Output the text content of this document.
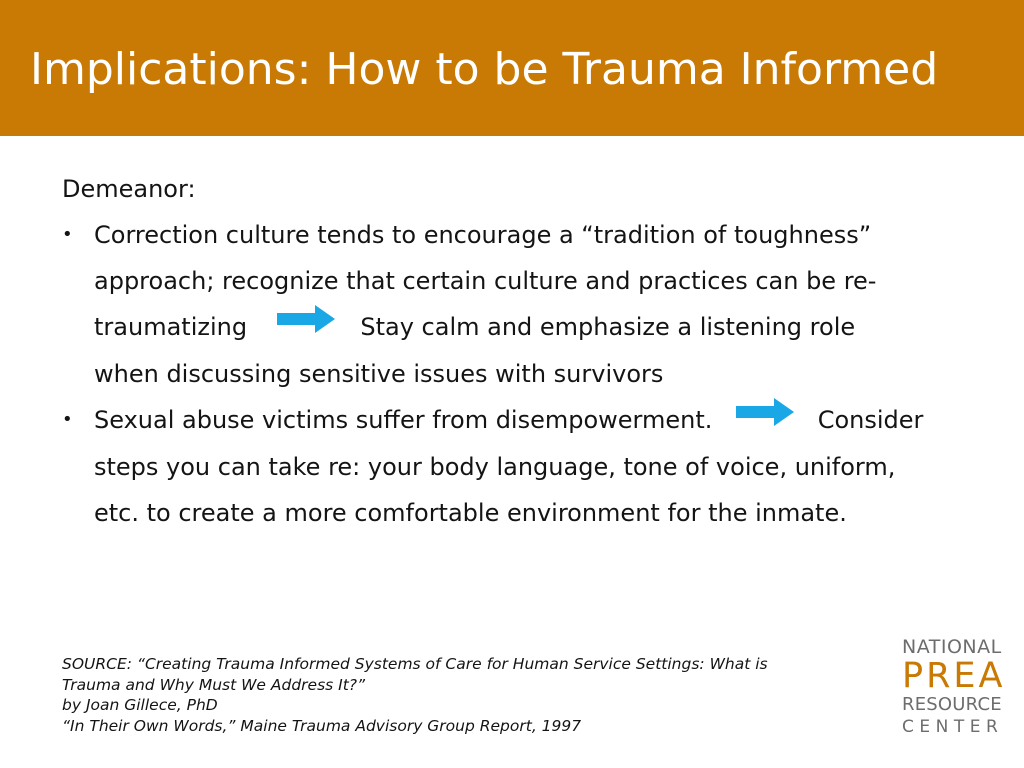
Implications: How to be Trauma Informed

Demeanor:

• Correction culture tends to encourage a “tradition of toughness”
approach; recognize that certain culture and practices can be re-
traumatizing	Stay calm and emphasize a listening role
when discussing sensitive issues with survivors
• Sexual abuse victims suffer from disempowerment.	Consider
steps you can take re: your body language, tone of voice, uniform,
etc. to create a more comfortable environment for the inmate.

SOURCE: “Creating Trauma Informed Systems of Care for Human Service Settings: What is

Trauma and Why Must We Address It?”

by Joan Gillece, PhD

“In Their Own Words,” Maine Trauma Advisory Group Report, 1997

NATIONAL
PREA
RESOURCE
CENTER
